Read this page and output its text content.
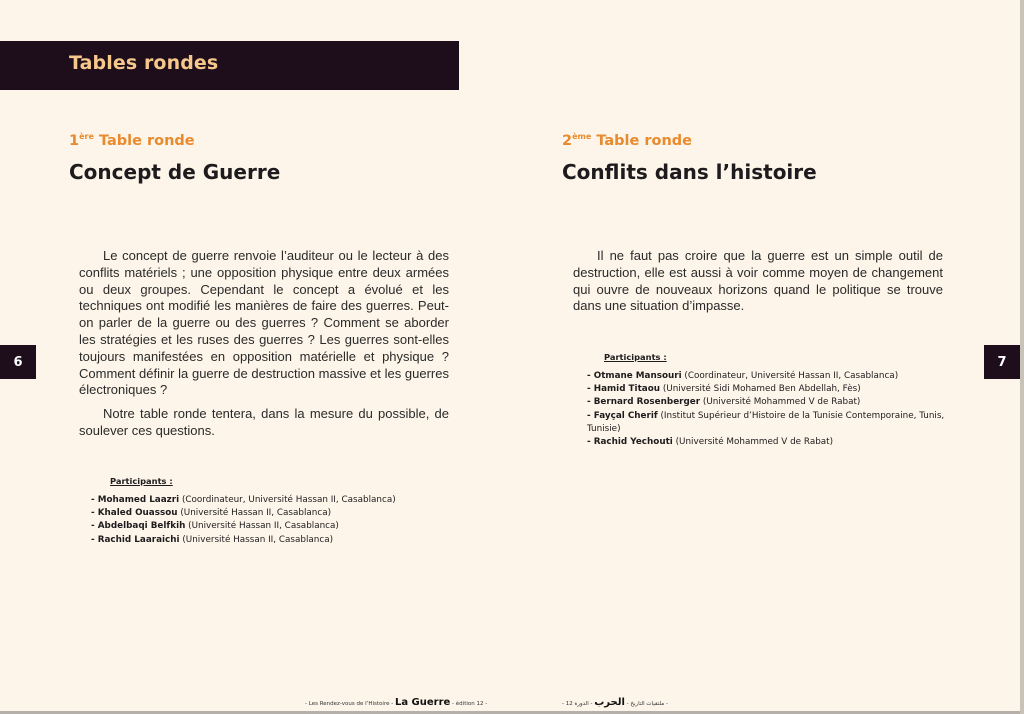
Tables rondes
6	7
1ère Table ronde
Concept de Guerre

Le concept de guerre renvoie l’auditeur ou le lecteur à des conflits matériels ; une opposition physique entre deux armées ou deux groupes. Cependant le concept a évolué et les techniques ont modifié les manières de faire des guerres. Peut-on parler de la guerre ou des guerres ? Comment se aborder les stratégies et les ruses des guerres ? Les guerres sont-elles toujours manifestées en opposition matérielle et physique ? Comment définir la guerre de destruction massive et les guerres électroniques ?

Notre table ronde tentera, dans la mesure du possible, de soulever ces questions.

Participants :
- Mohamed Laazri (Coordinateur, Université Hassan II, Casablanca)
- Khaled Ouassou (Université Hassan II, Casablanca)
- Abdelbaqi Belfkih (Université Hassan II, Casablanca)
- Rachid Laaraichi (Université Hassan II, Casablanca)
2ème Table ronde
Conflits dans l’histoire

Il ne faut pas croire que la guerre est un simple outil de destruction, elle est aussi à voir comme moyen de changement qui ouvre de nouveaux horizons quand le politique se trouve dans une situation d’impasse.

Participants :
- Otmane Mansouri (Coordinateur, Université Hassan II, Casablanca)
- Hamid Titaou (Université Sidi Mohamed Ben Abdellah, Fès)
- Bernard Rosenberger (Université Mohammed V de Rabat)
- Fayçal Cherif (Institut Supérieur d’Histoire de la Tunisie Contemporaine, Tunis, Tunisie)
- Rachid Yechouti (Université Mohammed V de Rabat)
- Les Rendez-vous de l’Histoire - La Guerre - édition 12 -	- ملتقيات التاريخ - الحرب - الدورة 12 -
